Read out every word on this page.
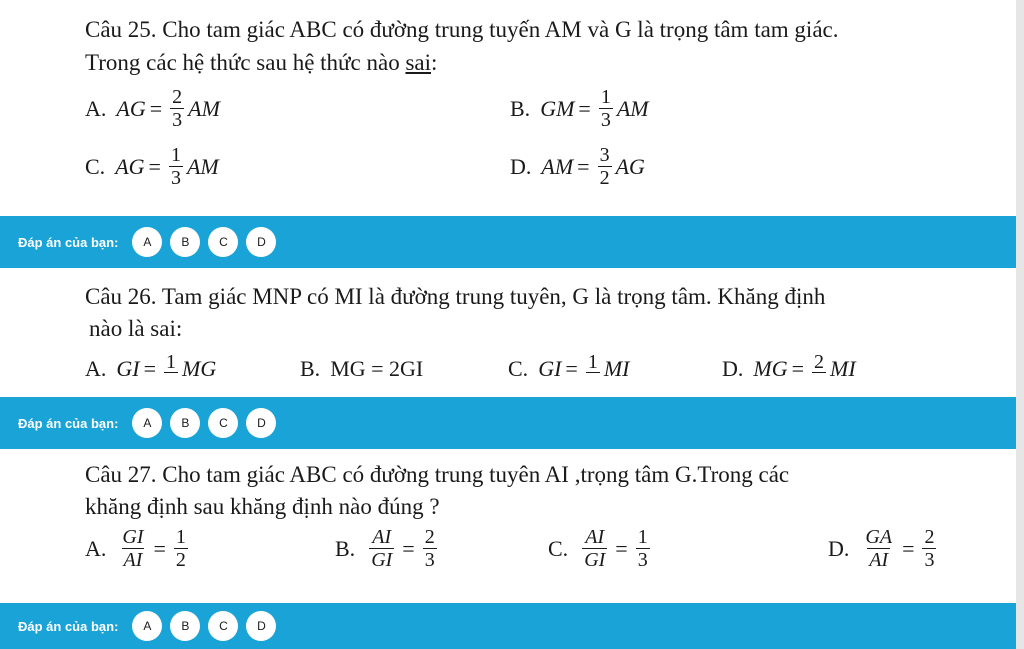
Câu 25. Cho tam giác ABC có đường trung tuyến AM và G là trọng tâm tam giác.

Trong các hệ thức sau hệ thức nào sai:

A. AG = $\frac{2}{3}$ AM	B. GM = $\frac{1}{3}$ AM
C. AG = $\frac{1}{3}$ AM	D. AM = $\frac{3}{2}$ AG
Đáp án của bạn:	A	B	C	D

Câu 26. Tam giác MNP có MI là đường trung tuyên, G là trọng tâm. Khăng định

nào là sai:

A. GI = 1 MG	B. MG = 2GI	C. GI = 1 MI	D. MG = 2 MI
Đáp án của bạn:	A	B	C	D

Câu 27. Cho tam giác ABC có đường trung tuyên AI ,trọng tâm G.Trong các

khăng định sau khăng định nào đúng ?

A. $\frac{GI}{AI} = \frac{1}{2}$	B. $\frac{AI}{GI} = \frac{2}{3}$	C. $\frac{AI}{GI} = \frac{1}{3}$	D. $\frac{GA}{AI} = \frac{2}{3}$
Đáp án của bạn:	A	B	C	D
